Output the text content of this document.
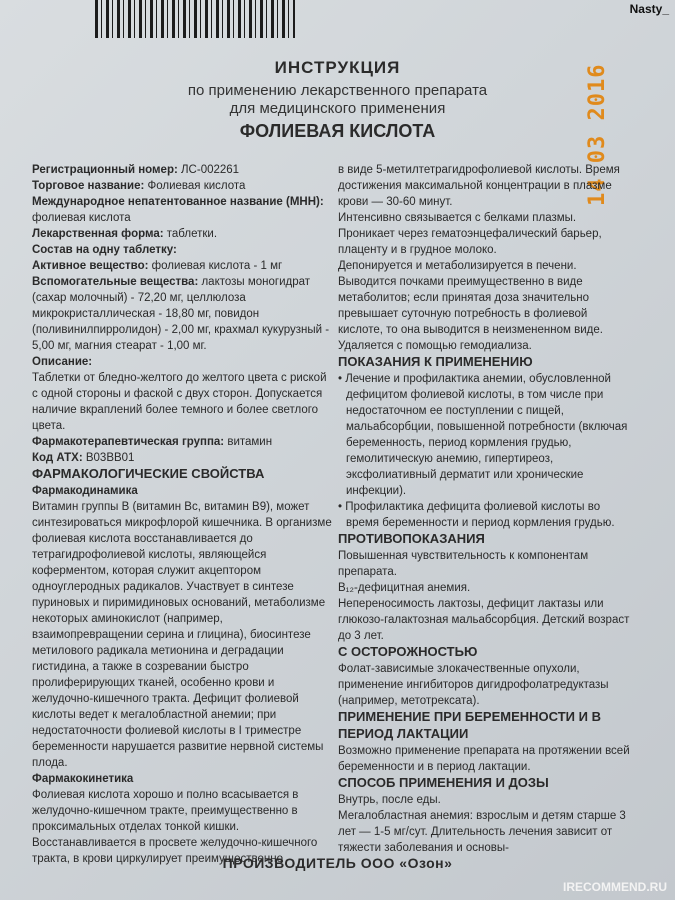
Nasty_
14 03 2016
ИНСТРУКЦИЯ
по применению лекарственного препарата
для медицинского применения
ФОЛИЕВАЯ КИСЛОТА

Регистрационный номер: ЛС-002261

Торговое название: Фолиевая кислота

Международное непатентованное название (МНН): фолиевая кислота

Лекарственная форма: таблетки.

Состав на одну таблетку:

Активное вещество: фолиевая кислота - 1 мг

Вспомогательные вещества: лактозы моногидрат (сахар молочный) - 72,20 мг, целлюлоза микрокристаллическая - 18,80 мг, повидон (поливинилпирролидон) - 2,00 мг, крахмал кукурузный - 5,00 мг, магния стеарат - 1,00 мг.

Описание:

Таблетки от бледно-желтого до желтого цвета с риской с одной стороны и фаской с двух сторон. Допускается наличие вкраплений более темного и более светлого цвета.

Фармакотерапевтическая группа: витамин

Код АТХ: B03BB01

ФАРМАКОЛОГИЧЕСКИЕ СВОЙСТВА

Фармакодинамика

Витамин группы В (витамин Вс, витамин В9), может синтезироваться микрофлорой кишечника. В организме фолиевая кислота восстанавливается до тетрагидрофолиевой кислоты, являющейся коферментом, которая служит акцептором одноуглеродных радикалов. Участвует в синтезе пуриновых и пиримидиновых оснований, метаболизме некоторых аминокислот (например, взаимопревращении серина и глицина), биосинтезе метилового радикала метионина и деградации гистидина, а также в созревании быстро пролиферирующих тканей, особенно крови и желудочно-кишечного тракта. Дефицит фолиевой кислоты ведет к мегалобластной анемии; при недостаточности фолиевой кислоты в I триместре беременности нарушается развитие нервной системы плода.

Фармакокинетика

Фолиевая кислота хорошо и полно всасывается в желудочно-кишечном тракте, преимущественно в проксимальных отделах тонкой кишки. Восстанавливается в просвете желудочно-кишечного тракта, в крови циркулирует преимущественно

в виде 5-метилтетрагидрофолиевой кислоты. Время достижения максимальной концентрации в плазме крови — 30-60 минут.

Интенсивно связывается с белками плазмы. Проникает через гематоэнцефалический барьер, плаценту и в грудное молоко.

Депонируется и метаболизируется в печени.

Выводится почками преимущественно в виде метаболитов; если принятая доза значительно превышает суточную потребность в фолиевой кислоте, то она выводится в неизмененном виде. Удаляется с помощью гемодиализа.

ПОКАЗАНИЯ К ПРИМЕНЕНИЮ

• Лечение и профилактика анемии, обусловленной дефицитом фолиевой кислоты, в том числе при недостаточном ее поступлении с пищей, мальабсорбции, повышенной потребности (включая беременность, период кормления грудью, гемолитическую анемию, гипертиреоз, эксфолиативный дерматит или хронические инфекции).

• Профилактика дефицита фолиевой кислоты во время беременности и период кормления грудью.

ПРОТИВОПОКАЗАНИЯ

Повышенная чувствительность к компонентам препарата.

B₁₂-дефицитная анемия.

Непереносимость лактозы, дефицит лактазы или глюкозо-галактозная мальабсорбция. Детский возраст до 3 лет.

С ОСТОРОЖНОСТЬЮ

Фолат-зависимые злокачественные опухоли, применение ингибиторов дигидрофолатредуктазы (например, метотрексата).

ПРИМЕНЕНИЕ ПРИ БЕРЕМЕННОСТИ И В ПЕРИОД ЛАКТАЦИИ

Возможно применение препарата на протяжении всей беременности и в период лактации.

СПОСОБ ПРИМЕНЕНИЯ И ДОЗЫ

Внутрь, после еды.

Мегалобластная анемия: взрослым и детям старше 3 лет — 1-5 мг/сут. Длительность лечения зависит от тяжести заболевания и основы-

ПРОИЗВОДИТЕЛЬ ООО «Озон»
IRECOMMEND.RU
